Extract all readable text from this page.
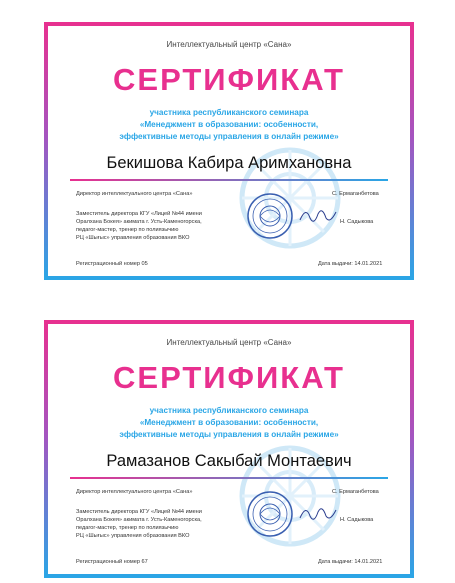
Интеллектуальный центр «Сана»
СЕРТИФИКАТ
участника республиканского семинара
«Менеджмент в образовании: особенности,
эффективные методы управления в онлайн режиме»
Бекишова Кабира Аримхановна
Директор интеллектуального центра «Сана»	С. Ермаганбетова
Заместитель директора КГУ «Лицей №44 имени
Оралхана Бокея» акимата г. Усть-Каменогорска,
педагог-мастер, тренер по полиязычию
РЦ «Шығыс» управления образования ВКО
Н. Садыкова
Регистрационный номер 05	Дата выдачи: 14.01.2021
Интеллектуальный центр «Сана»
СЕРТИФИКАТ
участника республиканского семинара
«Менеджмент в образовании: особенности,
эффективные методы управления в онлайн режиме»
Рамазанов Сакыбай Монтаевич
Директор интеллектуального центра «Сана»	С. Ермаганбетова
Заместитель директора КГУ «Лицей №44 имени
Оралхана Бокея» акимата г. Усть-Каменогорска,
педагог-мастер, тренер по полиязычию
РЦ «Шығыс» управления образования ВКО
Н. Садыкова
Регистрационный номер 67	Дата выдачи: 14.01.2021
